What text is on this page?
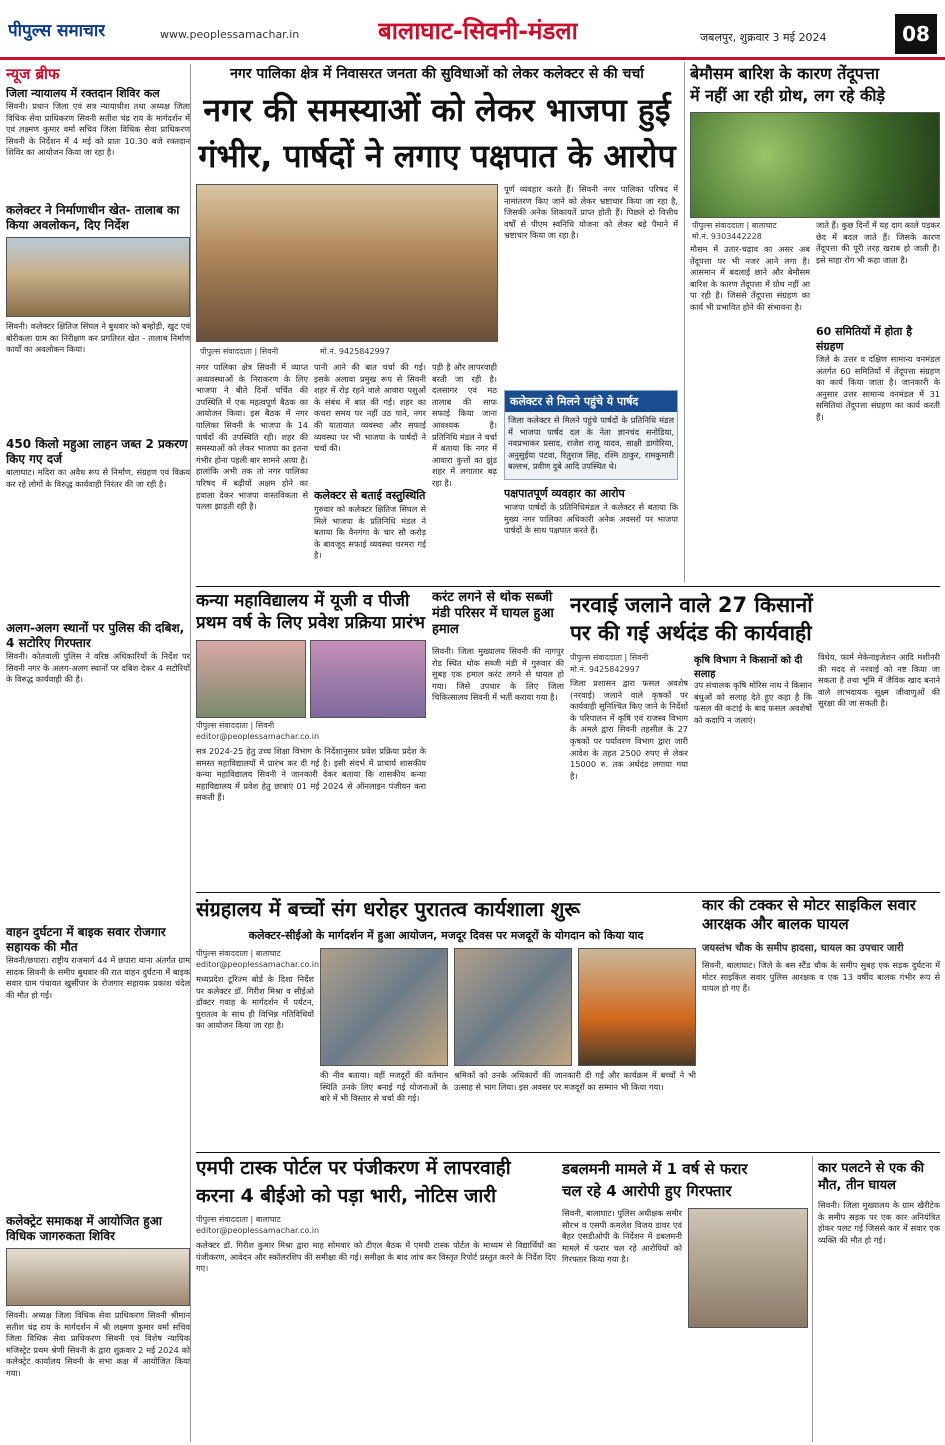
पीपुल्स समाचार	www.peoplessamachar.in	बालाघाट-सिवनी-मंडला	जबलपुर, शुक्रवार 3 मई 2024	08
न्यूज ब्रीफ
जिला न्यायालय में रक्तदान शिविर कल
सिवनी। प्रधान जिला एवं सत्र न्यायाधीश तथा अध्यक्ष जिला विधिक सेवा प्राधिकरण सिवनी सतीश चंद्र राय के मार्गदर्शन में एवं लक्ष्मण कुमार वर्मा सचिव जिला विधिक सेवा प्राधिकरण सिवनी के निर्देशन में 4 मई को प्रातः 10.30 बजे रक्तदान शिविर का आयोजन किया जा रहा है।
कलेक्टर ने निर्माणाधीन खेत- तालाब का किया अवलोकन, दिए निर्देश
सिवनी। कलेक्टर क्षितिज सिंघल ने बुधवार को बम्होड़ी, खुट एवं बोरीकला ग्राम का निरीक्षण कर प्रगतिरत खेत - तालाब निर्माण कार्यों का अवलोकन किया।
450 किलो महुआ लाहन जब्त 2 प्रकरण किए गए दर्ज
बालाघाट। मदिरा का अवैध रूप से निर्माण, संग्रहण एवं विक्रय कर रहे लोगों के विरुद्ध कार्यवाही निरंतर की जा रही है।
अलग-अलग स्थानों पर पुलिस की दबिश, 4 सटोरिए गिरफ्तार
सिवनी। कोतवाली पुलिस ने वरिष्ठ अधिकारियों के निर्देश पर सिवनी नगर के अलग-अलग स्थानों पर दबिश देकर 4 सटोरियों के विरुद्ध कार्यवाही की है।
वाहन दुर्घटना में बाइक सवार रोजगार सहायक की मौत
सिवनी/छपारा। राष्ट्रीय राजमार्ग 44 में छपारा थाना अंतर्गत ग्राम सादक सिवनी के समीप बुधवार की रात वाहन दुर्घटना में बाइक सवार ग्राम पंचायत खुर्सीपार के रोजगार सहायक प्रकाश चंदेल की मौत हो गई।
कलेक्ट्रेट समाकक्ष में आयोजित हुआ विधिक जागरुकता शिविर
सिवनी। अध्यक्ष जिला विधिक सेवा प्राधिकरण सिवनी श्रीमान सतीश चंद्र राय के मार्गदर्शन में श्री लक्ष्मण कुमार वर्मा सचिव जिला विधिक सेवा प्राधिकरण सिवनी एवं विशेष न्यायिक मजिस्ट्रेट प्रथम श्रेणी सिवनी के द्वारा शुक्रवार 2 मई 2024 को कलेक्ट्रेट कार्यालय सिवनी के सभा कक्ष में आयोजित किया गया।
नगर पालिका क्षेत्र में निवासरत जनता की सुविधाओं को लेकर कलेक्टर से की चर्चा
नगर की समस्याओं को लेकर भाजपा हुई
गंभीर, पार्षदों ने लगाए पक्षपात के आरोप
पीपुल्स संवाददाता | सिवनी	मो.नं. 9425842997
नगर पालिका क्षेत्र सिवनी में व्याप्त अव्यवस्थाओं के निराकरण के लिए भाजपा ने बीते दिनों चर्चित की उपस्थिति में एक महत्वपूर्ण बैठक का आयोजन किया। इस बैठक में नगर पालिका सिवनी के भाजपा के 14 पार्षदों की उपस्थिति रही। शहर की समस्याओं को लेकर भाजपा का इतना गंभीर होना पहली बार सामने आया है। हालांकि अभी तक तो नगर पालिका परिषद में बढ़ीयों अक्षम होने का हवाला देकर भाजपा वास्तविकता से पल्ला झाड़ती रही है।
पानी आने की बात चर्चा की गई। इसके अलावा प्रमुख रूप से सिवनी शहर में रोड़ रहने वाले आवारा पशुओं के संबंध में बात की गई। शहर का कचरा समय पर नहीं उठ पाने, नगर की यातायात व्यवस्था और सफाई व्यवस्था पर भी भाजपा के पार्षदों ने चर्चा की।
कलेक्टर से बताई वस्तुस्थिति
गुरुवार को कलेक्टर क्षितिज सिंघल से मिले भाजपा के प्रतिनिधि मंडल ने बताया कि वैनगंगा के चार सौ करोड़ के बावजूद सफाई व्यवस्था चरमरा गई है।
पड़ी है और लापरवाही बरती जा रही है। दलसागर एवं मठ तालाब की साफ सफाई किया जाना आवश्यक है। प्रतिनिधि मंडल ने चर्चा में बताया कि नगर में आवारा कुत्तों का झुंड शहर में लगातार बढ़ रहा है।
पूर्ण व्यवहार करते हैं। सिवनी नगर पालिका परिषद में नामांतरण किए जाने को लेकर भ्रष्टाचार किया जा रहा है, जिसकी अनेक शिकायतें प्राप्त होती हैं। पिछले दो वित्तीय वर्षों से पीएम स्वनिधि योजना को लेकर बड़े पैमाने में भ्रष्टाचार किया जा रहा है।
कलेक्टर से मिलने पहुंचे ये पार्षद
जिला कलेक्टर से मिलने पहुंचे पार्षदों के प्रतिनिधि मंडल में भाजपा पार्षद दल के नेता ज्ञानचंद सनोडिया, नवप्रभाकर प्रसाद, राजेश राजू यादव, साक्षी डागोरिया, अनुसुईया पटवा, रितुराज सिंह, रश्मि ठाकुर, रामकुमारी बल्लभ, प्रवीण दुबे आदि उपस्थित थे।
पक्षपातपूर्ण व्यवहार का आरोप
भाजपा पार्षदों के प्रतिनिधिमंडल ने कलेक्टर से बताया कि मुख्य नगर पालिका अधिकारी अनेक अवसरों पर भाजपा पार्षदों के साथ पक्षपात करते हैं।
बेमौसम बारिश के कारण तेंदूपत्ता
में नहीं आ रही ग्रोथ, लग रहे कीड़े
पीपुल्स संवाददाता | बालाघाट
मो.नं. 9303442228
मौसम में उतार-चढ़ाव का असर अब तेंदूपत्ता पर भी नजर आने लगा है। आसमान में बदलाई छाने और बेमौसम बारिश के कारण तेंदूपत्ता में ग्रोथ नहीं आ पा रही है। जिससे तेंदूपत्ता संग्रहण का कार्य भी प्रभावित होने की संभावना है।
जाते हैं। कुछ दिनों में यह दाग काले पड़कर छेद में बदल जाते हैं। जिसके कारण तेंदूपत्ता की पूरी तरह खराब हो जाती है। इसे माहा रोग भी कहा जाता है।
60 समितियों में होता है संग्रहण
जिले के उत्तर व दक्षिण सामान्य वनमंडल अंतर्गत 60 समितियों में तेंदूपत्ता संग्रहण का कार्य किया जाता है। जानकारी के अनुसार उत्तर सामान्य वनमंडल में 31 समितियां तेंदूपत्ता संग्रहण का कार्य करती हैं।
कन्या महाविद्यालय में यूजी व पीजी प्रथम वर्ष के लिए प्रवेश प्रक्रिया प्रारंभ
पीपुल्स संवाददाता | सिवनी
editor@peoplessamachar.co.in
सत्र 2024-25 हेतु उच्च शिक्षा विभाग के निर्देशानुसार प्रवेश प्रक्रिया प्रदेश के समस्त महाविद्यालयों में प्रारंभ कर दी गई है। इसी संदर्भ में प्राचार्य शासकीय कन्या महाविद्यालय सिवनी ने जानकारी देकर बताया कि शासकीय कन्या महाविद्यालय में प्रवेश हेतु छात्राएं 01 मई 2024 से ऑनलाइन पंजीयन करा सकती हैं।
करंट लगने से थोक सब्जी मंडी परिसर में घायल हुआ हमाल
सिवनी। जिला मुख्यालय सिवनी की नागपुर रोड स्थित थोक सब्जी मंडी में गुरुवार की सुबह एक हमाल करंट लगने से घायल हो गया। जिसे उपचार के लिए जिला चिकित्सालय सिवनी में भर्ती कराया गया है।
नरवाई जलाने वाले 27 किसानों
पर की गई अर्थदंड की कार्यवाही
पीपुल्स संवाददाता | सिवनी
मो.नं. 9425842997
जिला प्रशासन द्वारा फसल अवशेष (नरवाई) जलाने वाले कृषकों पर कार्यवाही सुनिश्चित किए जाने के निर्देशों के परिपालन में कृषि एवं राजस्व विभाग के अमले द्वारा सिवनी तहसील के 27 कृषकों पर पर्यावरण विभाग द्वारा जारी आदेश के तहत 2500 रुपए से लेकर 15000 रु. तक अर्थदंड लगाया गया है।
कृषि विभाग ने किसानों को दी सलाह
उप संचालक कृषि मोरिस नाथ ने किसान बंधुओं को सलाह देते हुए कहा है कि फसल की कटाई के बाद फसल अवशेषों को कदापि न जलाएं।
विधेय, फार्म मेकेनाइजेशन आदि मशीनरी की मदद से नरवाई को नष्ट किया जा सकता है तथा भूमि में जैविक खाद बनाने वाले लाभदायक सूक्ष्म जीवाणुओं की सुरक्षा की जा सकती है।
संग्रहालय में बच्चों संग धरोहर पुरातत्व कार्यशाला शुरू
कलेक्टर-सीईओ के मार्गदर्शन में हुआ आयोजन, मजदूर दिवस पर मजदूरों के योगदान को किया याद
पीपुल्स संवाददाता | बालाघाट
editor@peoplessamachar.co.in
मध्यप्रदेश टूरिज्म बोर्ड के दिशा निर्देश पर कलेक्टर डॉ. गिरीश मिश्रा व सीईओ डॉक्टर गवाह के मार्गदर्शन में पर्यटन, पुरातत्व के साथ ही विभिन्न गतिविधियों का आयोजन किया जा रहा है।
की नीव बताया। वहीं मजदूरों की वर्तमान स्थिति उनके लिए बनाई गई योजनाओं के बारे में भी विस्तार से चर्चा की गई।
श्रमिकों को उनके अधिकारों की जानकारी दी गई और कार्यक्रम में बच्चों ने भी उत्साह से भाग लिया। इस अवसर पर मजदूरों का सम्मान भी किया गया।
कार की टक्कर से मोटर साइकिल सवार आरक्षक और बालक घायल
जयस्तंभ चौक के समीप हादसा, घायल का उपचार जारी
सिवनी, बालाघाट। जिले के बस स्टैंड चौक के समीप सुबह एक सड़क दुर्घटना में मोटर साइकिल सवार पुलिस आरक्षक व एक 13 वर्षीय बालक गंभीर रूप से घायल हो गए हैं।
एमपी टास्क पोर्टल पर पंजीकरण में लापरवाही
करना 4 बीईओ को पड़ा भारी, नोटिस जारी
पीपुल्स संवाददाता | बालाघाट
editor@peoplessamachar.co.in
कलेक्टर डॉ. गिरीश कुमार मिश्रा द्वारा माह सोमवार को टीएल बैठक में एमपी टास्क पोर्टल के माध्यम से विद्यार्थियों का पंजीकरण, आवेदन और स्कॉलरशिप की समीक्षा की गई। समीक्षा के बाद जांच कर विस्तृत रिपोर्ट प्रस्तुत करने के निर्देश दिए गए।
डबलमनी मामले में 1 वर्ष से फरार
चल रहे 4 आरोपी हुए गिरफ्तार
सिवनी, बालाघाट। पुलिस अधीक्षक समीर सौरभ व एसपी कमलेश विजय डावर एवं बैहर एसडीओपी के निर्देशन में डबलमनी मामले में फरार चल रहे आरोपियों को गिरफ्तार किया गया है।
कार पलटने से एक की मौत, तीन घायल
सिवनी। जिला मुख्यालय के ग्राम खैरीटेक के समीप सड़क पर एक कार अनियंत्रित होकर पलट गई जिससे कार में सवार एक व्यक्ति की मौत हो गई।
